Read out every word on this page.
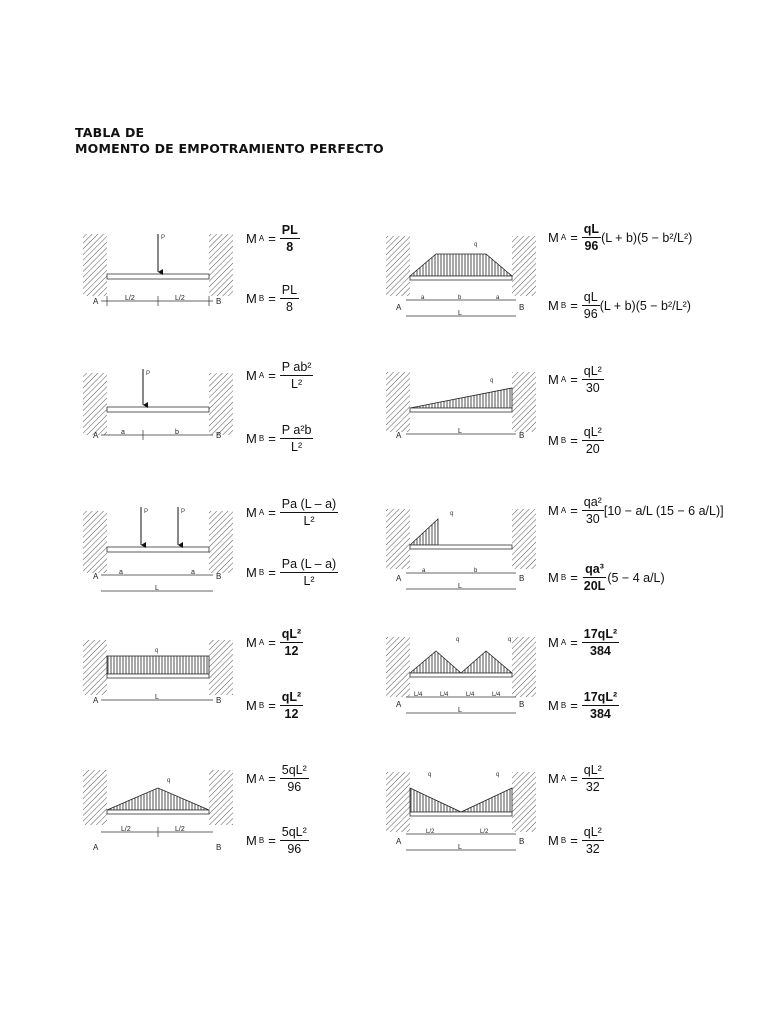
TABLA DE
MOMENTO DE EMPOTRAMIENTO PERFECTO
P
A	B
L/2	L/2
M $A = \frac{PL}{8}$
M $B = \frac{PL}{8}$
q
A	B
a	b	a
L
M $A = \frac{qL}{96} (L + b)(5 - b^2/L^2)$
M $B = \frac{qL}{96} (L + b)(5 - b^2/L^2)$
P
A	B
a	b
M $A = \frac{\text{P ab²}}{\text{L²}}$
M $B = \frac{\text{P a²b}}{\text{L²}}$
q
A	B
L
M $A = \frac{\text{qL²}}{30}$
M $B = \frac{\text{qL²}}{20}$
P	P
A	B
a	a
L
M $A = \frac{Pa (L - a)}{\text{L²}}$
M $B = \frac{Pa (L - a)}{\text{L²}}$
q
A	B
a	b
L
M $A = \frac{\text{qa²}}{30} [10 - a/L$ (15 − 6 a/L)]
M $B = \frac{\text{qa³}}{20L} (5 - 4$ a/L)
q
A	B
L
M $A = \frac{\text{qL²}}{12}$
M $B = \frac{\text{qL²}}{12}$
q	q
A	B
L/4	L/4	L/4	L/4
L
M $A = \frac{\text{17qL²}}{384}$
M $B = \frac{\text{17qL²}}{384}$
q
A	B
L/2	L/2
M $A = \frac{\text{5qL²}}{96}$
M $B = \frac{\text{5qL²}}{96}$
q	q
A	B
L/2	L/2
L
M $A = \frac{\text{qL²}}{32}$
M $B = \frac{\text{qL²}}{32}$
